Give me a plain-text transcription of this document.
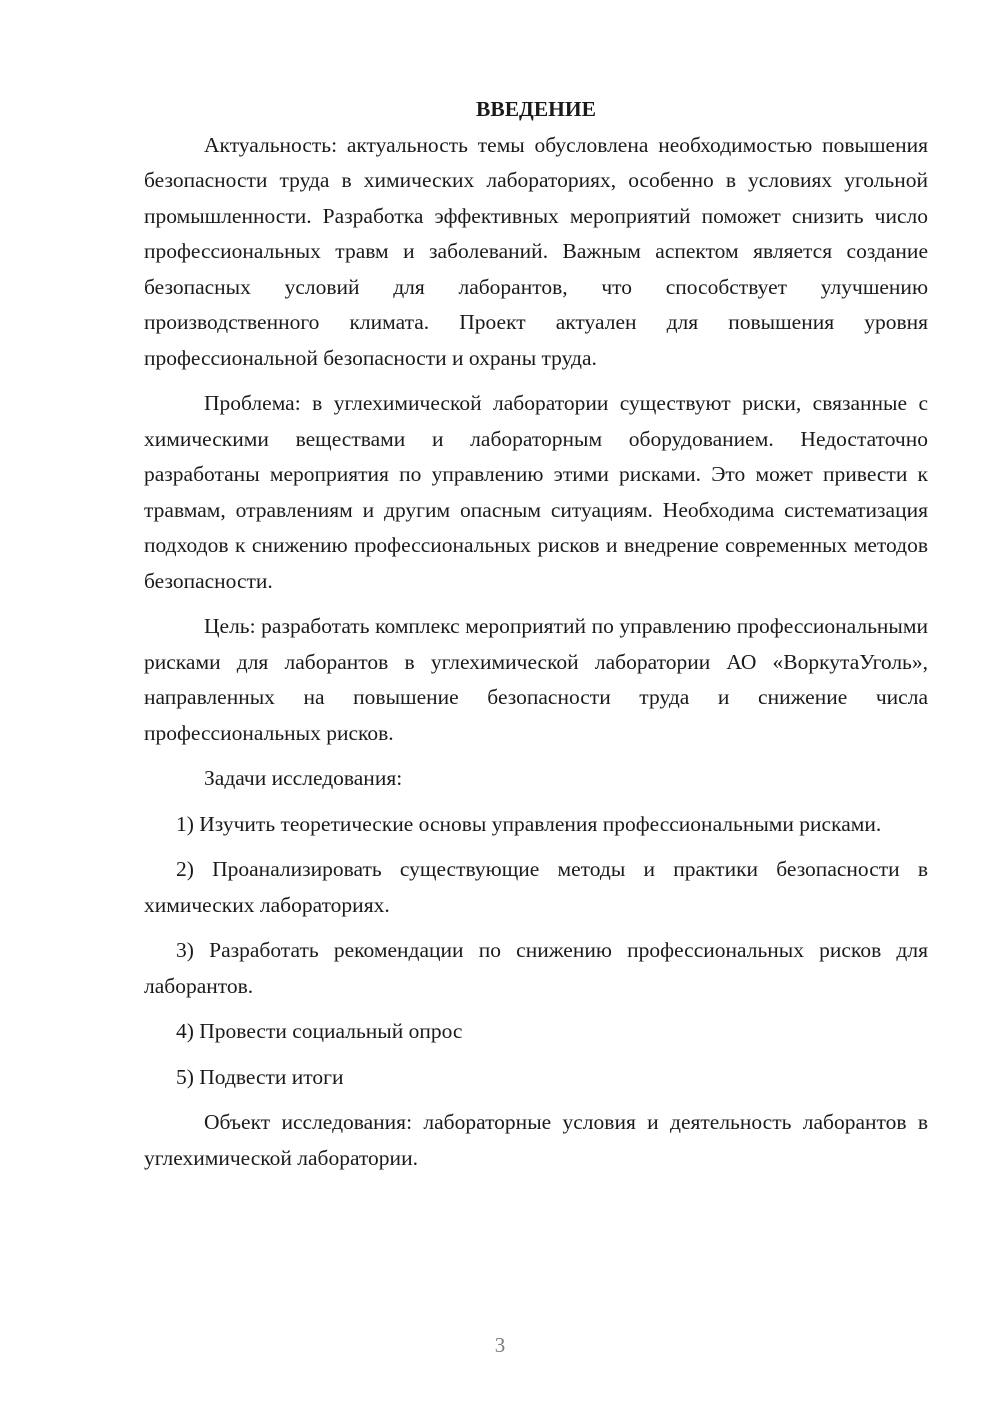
ВВЕДЕНИЕ

Актуальность: актуальность темы обусловлена необходимостью повышения безопасности труда в химических лабораториях, особенно в условиях угольной промышленности. Разработка эффективных мероприятий поможет снизить число профессиональных травм и заболеваний. Важным аспектом является создание безопасных условий для лаборантов, что способствует улучшению производственного климата. Проект актуален для повышения уровня профессиональной безопасности и охраны труда.

Проблема: в углехимической лаборатории существуют риски, связанные с химическими веществами и лабораторным оборудованием. Недостаточно разработаны мероприятия по управлению этими рисками. Это может привести к травмам, отравлениям и другим опасным ситуациям. Необходима систематизация подходов к снижению профессиональных рисков и внедрение современных методов безопасности.

Цель: разработать комплекс мероприятий по управлению профессиональными рисками для лаборантов в углехимической лаборатории АО «ВоркутаУголь», направленных на повышение безопасности труда и снижение числа профессиональных рисков.

Задачи исследования:

1) Изучить теоретические основы управления профессиональными рисками.

2) Проанализировать существующие методы и практики безопасности в химических лабораториях.

3) Разработать рекомендации по снижению профессиональных рисков для лаборантов.

4) Провести социальный опрос

5) Подвести итоги

Объект исследования: лабораторные условия и деятельность лаборантов в углехимической лаборатории.

3
